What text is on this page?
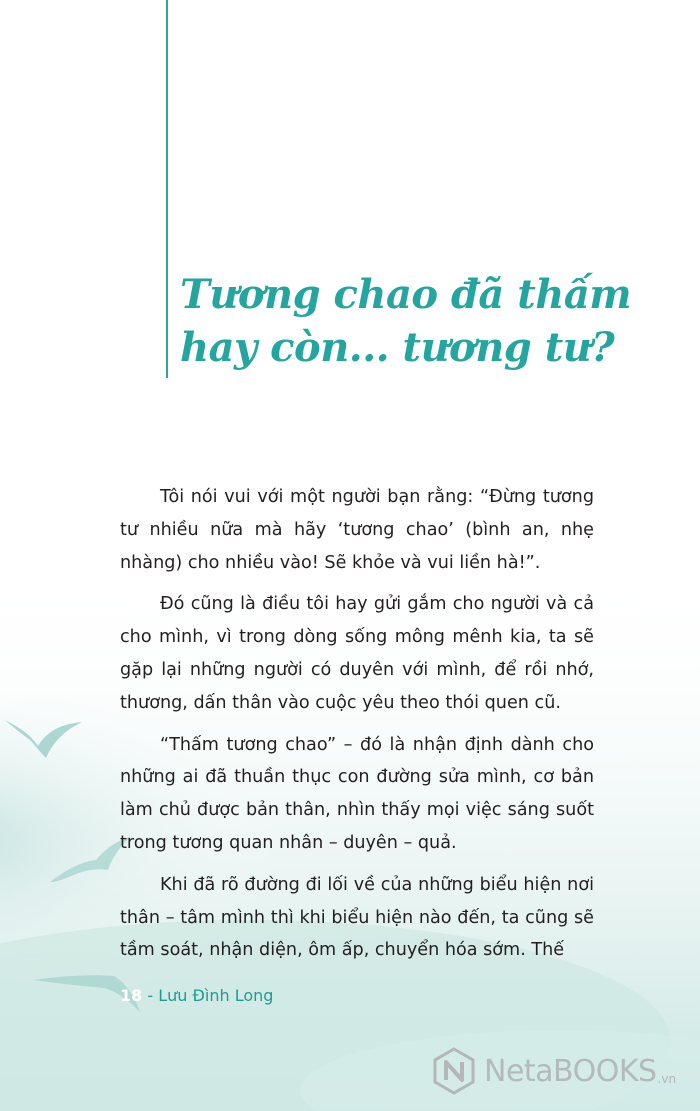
Tương chao đã thấm
hay còn... tương tư?

Tôi nói vui với một người bạn rằng: “Đừng tương tư nhiều nữa mà hãy ‘tương chao’ (bình an, nhẹ nhàng) cho nhiều vào! Sẽ khỏe và vui liền hà!”.

Đó cũng là điều tôi hay gửi gắm cho người và cả cho mình, vì trong dòng sống mông mênh kia, ta sẽ gặp lại những người có duyên với mình, để rồi nhớ, thương, dấn thân vào cuộc yêu theo thói quen cũ.

“Thấm tương chao” – đó là nhận định dành cho những ai đã thuần thục con đường sửa mình, cơ bản làm chủ được bản thân, nhìn thấy mọi việc sáng suốt trong tương quan nhân – duyên – quả.

Khi đã rõ đường đi lối về của những biểu hiện nơi thân – tâm mình thì khi biểu hiện nào đến, ta cũng sẽ tầm soát, nhận diện, ôm ấp, chuyển hóa sớm. Thế

18 - Lưu Đình Long
NetaBOOKS .vn
